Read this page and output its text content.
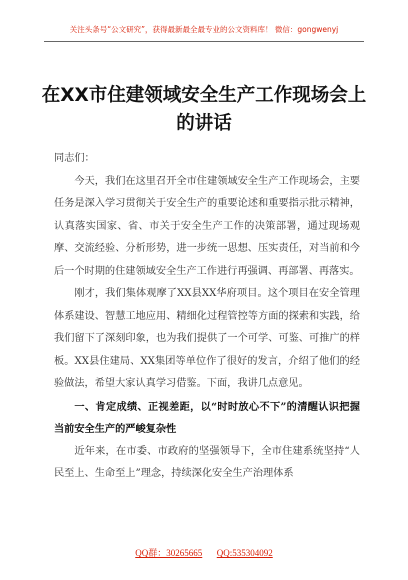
关注头条号“公文研究”，获得最新最全最专业的公文资料库！ 微信：gongwenyj
在XX市住建领域安全生产工作现场会上的讲话

同志们：

今天，我们在这里召开全市住建领域安全生产工作现场会，主要任务是深入学习贯彻关于安全生产的重要论述和重要指示批示精神，认真落实国家、省、市关于安全生产工作的决策部署，通过现场观摩、交流经验、分析形势，进一步统一思想、压实责任，对当前和今后一个时期的住建领域安全生产工作进行再强调、再部署、再落实。

刚才，我们集体观摩了XX县XX华府项目。这个项目在安全管理体系建设、智慧工地应用、精细化过程管控等方面的探索和实践，给我们留下了深刻印象，也为我们提供了一个可学、可鉴、可推广的样板。XX县住建局、XX集团等单位作了很好的发言，介绍了他们的经验做法，希望大家认真学习借鉴。下面，我讲几点意见。

一、肯定成绩、正视差距，以“时时放心不下”的清醒认识把握当前安全生产的严峻复杂性

近年来，在市委、市政府的坚强领导下，全市住建系统坚持“人民至上、生命至上”理念，持续深化安全生产治理体系

QQ群：30265665 QQ:535304092
